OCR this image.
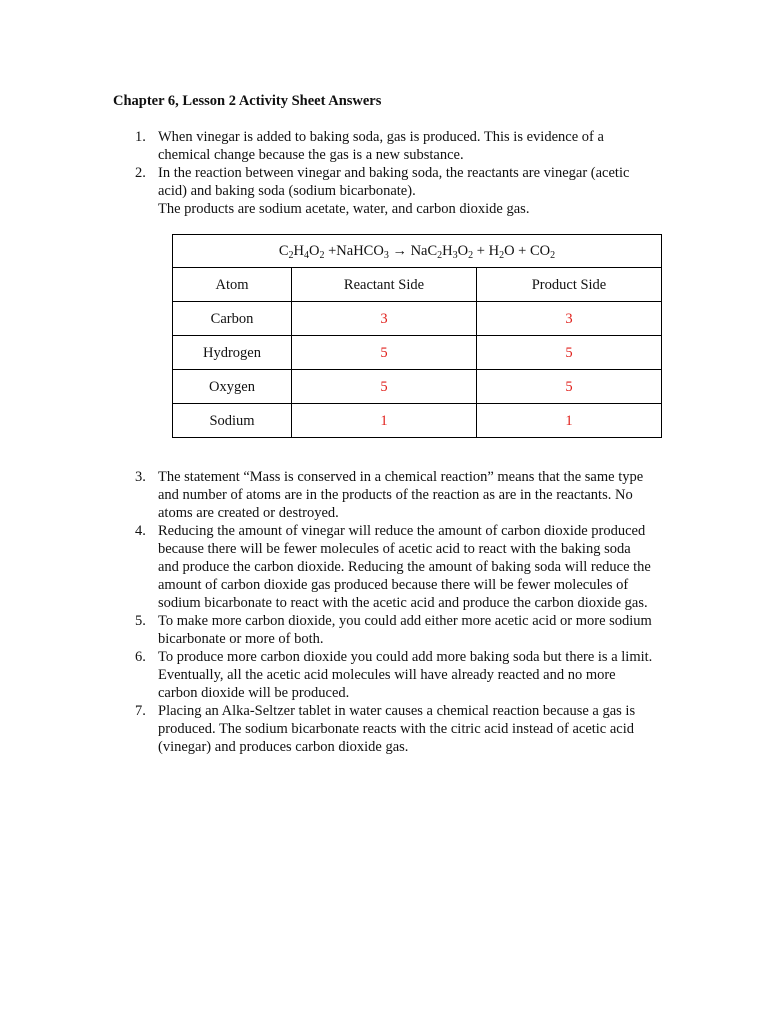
Chapter 6, Lesson 2 Activity Sheet Answers
1. When vinegar is added to baking soda, gas is produced. This is evidence of a chemical change because the gas is a new substance.
2. In the reaction between vinegar and baking soda, the reactants are vinegar (acetic acid) and baking soda (sodium bicarbonate).
The products are sodium acetate, water, and carbon dioxide gas.
$C_2H_4O_2$ +NaHCO$_3$ → $NaC_2H_3O_2 + H_2O + CO_2$
Atom	Reactant Side	Product Side
Carbon	3	3
Hydrogen	5	5
Oxygen	5	5
Sodium	1	1
3. The statement “Mass is conserved in a chemical reaction” means that the same type and number of atoms are in the products of the reaction as are in the reactants. No atoms are created or destroyed.
4. Reducing the amount of vinegar will reduce the amount of carbon dioxide produced because there will be fewer molecules of acetic acid to react with the baking soda and produce the carbon dioxide. Reducing the amount of baking soda will reduce the amount of carbon dioxide gas produced because there will be fewer molecules of sodium bicarbonate to react with the acetic acid and produce the carbon dioxide gas.
5. To make more carbon dioxide, you could add either more acetic acid or more sodium bicarbonate or more of both.
6. To produce more carbon dioxide you could add more baking soda but there is a limit. Eventually, all the acetic acid molecules will have already reacted and no more carbon dioxide will be produced.
7. Placing an Alka-Seltzer tablet in water causes a chemical reaction because a gas is produced. The sodium bicarbonate reacts with the citric acid instead of acetic acid (vinegar) and produces carbon dioxide gas.
